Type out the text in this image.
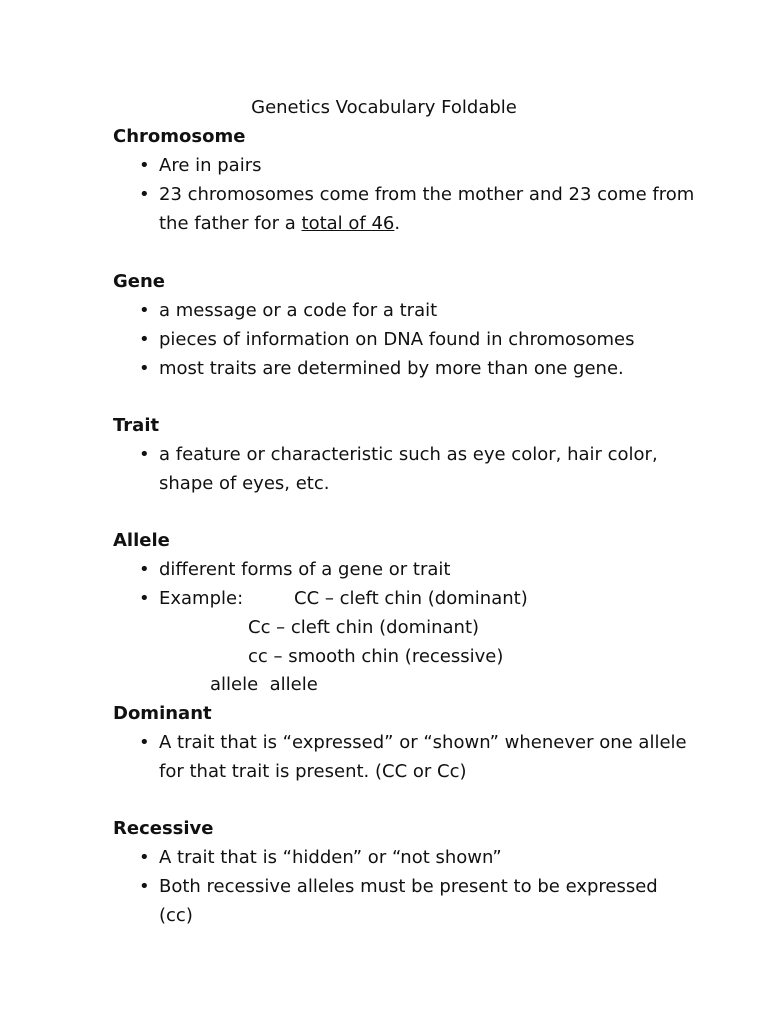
Genetics Vocabulary Foldable
Chromosome
• Are in pairs
• 23 chromosomes come from the mother and 23 come from the father for a total of 46.
Gene
• a message or a code for a trait
• pieces of information on DNA found in chromosomes
• most traits are determined by more than one gene.
Trait
• a feature or characteristic such as eye color, hair color, shape of eyes, etc.
Allele
• different forms of a gene or trait
• Example:	CC – cleft chin (dominant)
Cc – cleft chin (dominant)
cc – smooth chin (recessive)
allele  allele
Dominant
• A trait that is “expressed” or “shown” whenever one allele for that trait is present. (CC or Cc)
Recessive
• A trait that is “hidden” or “not shown”
• Both recessive alleles must be present to be expressed (cc)
